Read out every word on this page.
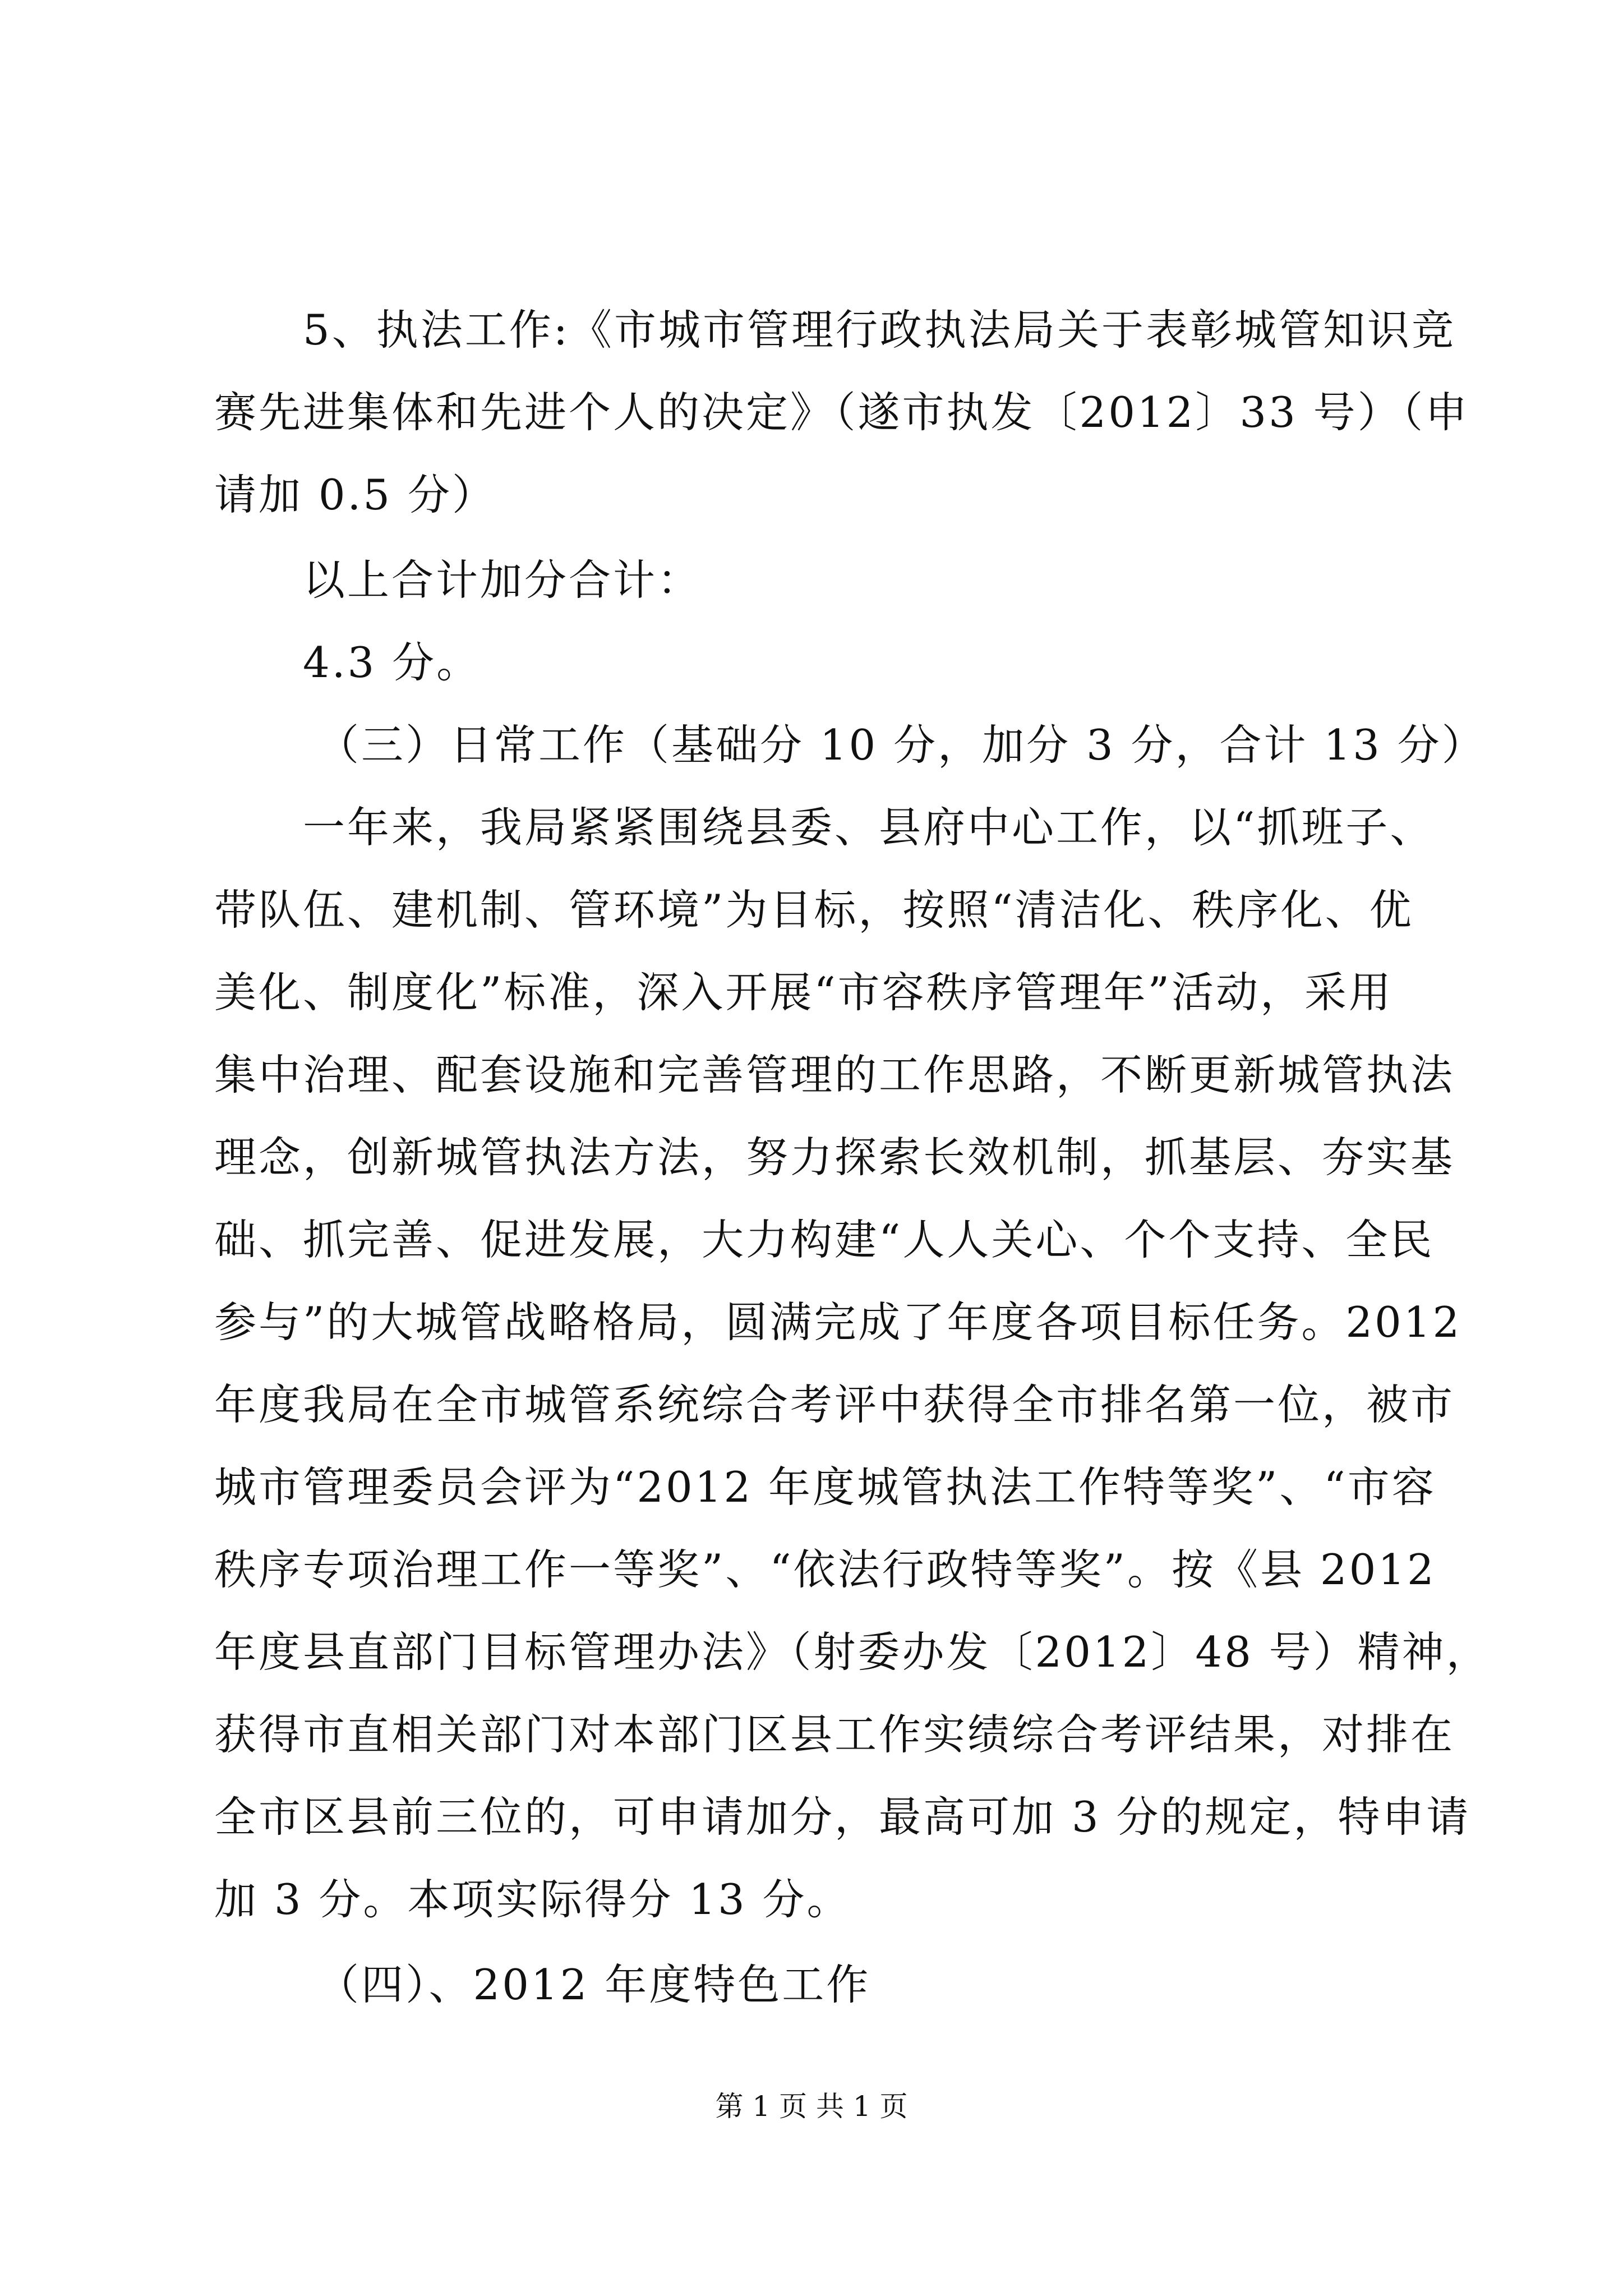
5、执法工作:《市城市管理行政执法局关于表彰城管知识竞
赛先进集体和先进个人的决定》（遂市执发〔2012〕33 号）（申
请加 0.5 分）
以上合计加分合计：
4.3 分。
（三）日常工作（基础分 10 分，加分 3 分，合计 13 分）
一年来，我局紧紧围绕县委、县府中心工作，以“抓班子、
带队伍、建机制、管环境”为目标，按照“清洁化、秩序化、优
美化、制度化”标准，深入开展“市容秩序管理年”活动，采用
集中治理、配套设施和完善管理的工作思路，不断更新城管执法
理念，创新城管执法方法，努力探索长效机制，抓基层、夯实基
础、抓完善、促进发展，大力构建“人人关心、个个支持、全民
参与”的大城管战略格局，圆满完成了年度各项目标任务。2012
年度我局在全市城管系统综合考评中获得全市排名第一位，被市
城市管理委员会评为“2012 年度城管执法工作特等奖”、“市容
秩序专项治理工作一等奖”、“依法行政特等奖”。按《县 2012
年度县直部门目标管理办法》（射委办发〔2012〕48 号）精神，
获得市直相关部门对本部门区县工作实绩综合考评结果，对排在
全市区县前三位的，可申请加分，最高可加 3 分的规定，特申请
加 3 分。本项实际得分 13 分。
（四）、2012 年度特色工作
第 1 页 共 1 页
